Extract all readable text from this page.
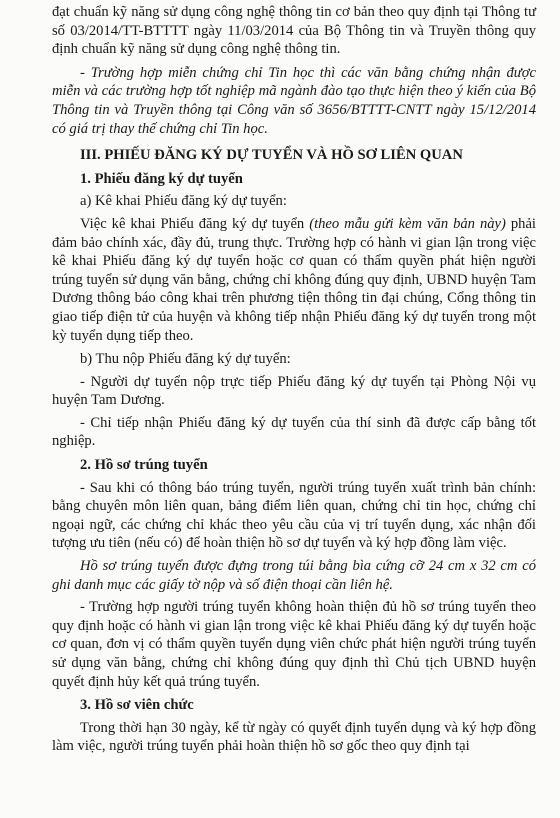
đạt chuẩn kỹ năng sử dụng công nghệ thông tin cơ bản theo quy định tại Thông tư số 03/2014/TT-BTTTT ngày 11/03/2014 của Bộ Thông tin và Truyền thông quy định chuẩn kỹ năng sử dụng công nghệ thông tin.

- Trường hợp miễn chứng chỉ Tin học thì các văn bằng chứng nhận được miễn và các trường hợp tốt nghiệp mã ngành đào tạo thực hiện theo ý kiến của Bộ Thông tin và Truyền thông tại Công văn số 3656/BTTTT-CNTT ngày 15/12/2014 có giá trị thay thế chứng chỉ Tin học.

III. PHIẾU ĐĂNG KÝ DỰ TUYỂN VÀ HỒ SƠ LIÊN QUAN
1. Phiếu đăng ký dự tuyển

a) Kê khai Phiếu đăng ký dự tuyển:

Việc kê khai Phiếu đăng ký dự tuyển (theo mẫu gửi kèm văn bản này) phải đảm bảo chính xác, đầy đủ, trung thực. Trường hợp có hành vi gian lận trong việc kê khai Phiếu đăng ký dự tuyển hoặc cơ quan có thẩm quyền phát hiện người trúng tuyển sử dụng văn bằng, chứng chỉ không đúng quy định, UBND huyện Tam Dương thông báo công khai trên phương tiện thông tin đại chúng, Cổng thông tin giao tiếp điện tử của huyện và không tiếp nhận Phiếu đăng ký dự tuyển trong một kỳ tuyển dụng tiếp theo.

b) Thu nộp Phiếu đăng ký dự tuyển:

- Người dự tuyển nộp trực tiếp Phiếu đăng ký dự tuyển tại Phòng Nội vụ huyện Tam Dương.

- Chỉ tiếp nhận Phiếu đăng ký dự tuyển của thí sinh đã được cấp bằng tốt nghiệp.

2. Hồ sơ trúng tuyển

- Sau khi có thông báo trúng tuyển, người trúng tuyển xuất trình bản chính: bằng chuyên môn liên quan, bảng điểm liên quan, chứng chỉ tin học, chứng chỉ ngoại ngữ, các chứng chỉ khác theo yêu cầu của vị trí tuyển dụng, xác nhận đối tượng ưu tiên (nếu có) để hoàn thiện hồ sơ dự tuyển và ký hợp đồng làm việc.

Hồ sơ trúng tuyển được đựng trong túi bằng bìa cứng cỡ 24 cm x 32 cm có ghi danh mục các giấy tờ nộp và số điện thoại cần liên hệ.

- Trường hợp người trúng tuyển không hoàn thiện đủ hồ sơ trúng tuyển theo quy định hoặc có hành vi gian lận trong việc kê khai Phiếu đăng ký dự tuyển hoặc cơ quan, đơn vị có thẩm quyền tuyển dụng viên chức phát hiện người trúng tuyển sử dụng văn bằng, chứng chỉ không đúng quy định thì Chủ tịch UBND huyện quyết định hủy kết quả trúng tuyển.

3. Hồ sơ viên chức

Trong thời hạn 30 ngày, kể từ ngày có quyết định tuyển dụng và ký hợp đồng làm việc, người trúng tuyển phải hoàn thiện hồ sơ gốc theo quy định tại
